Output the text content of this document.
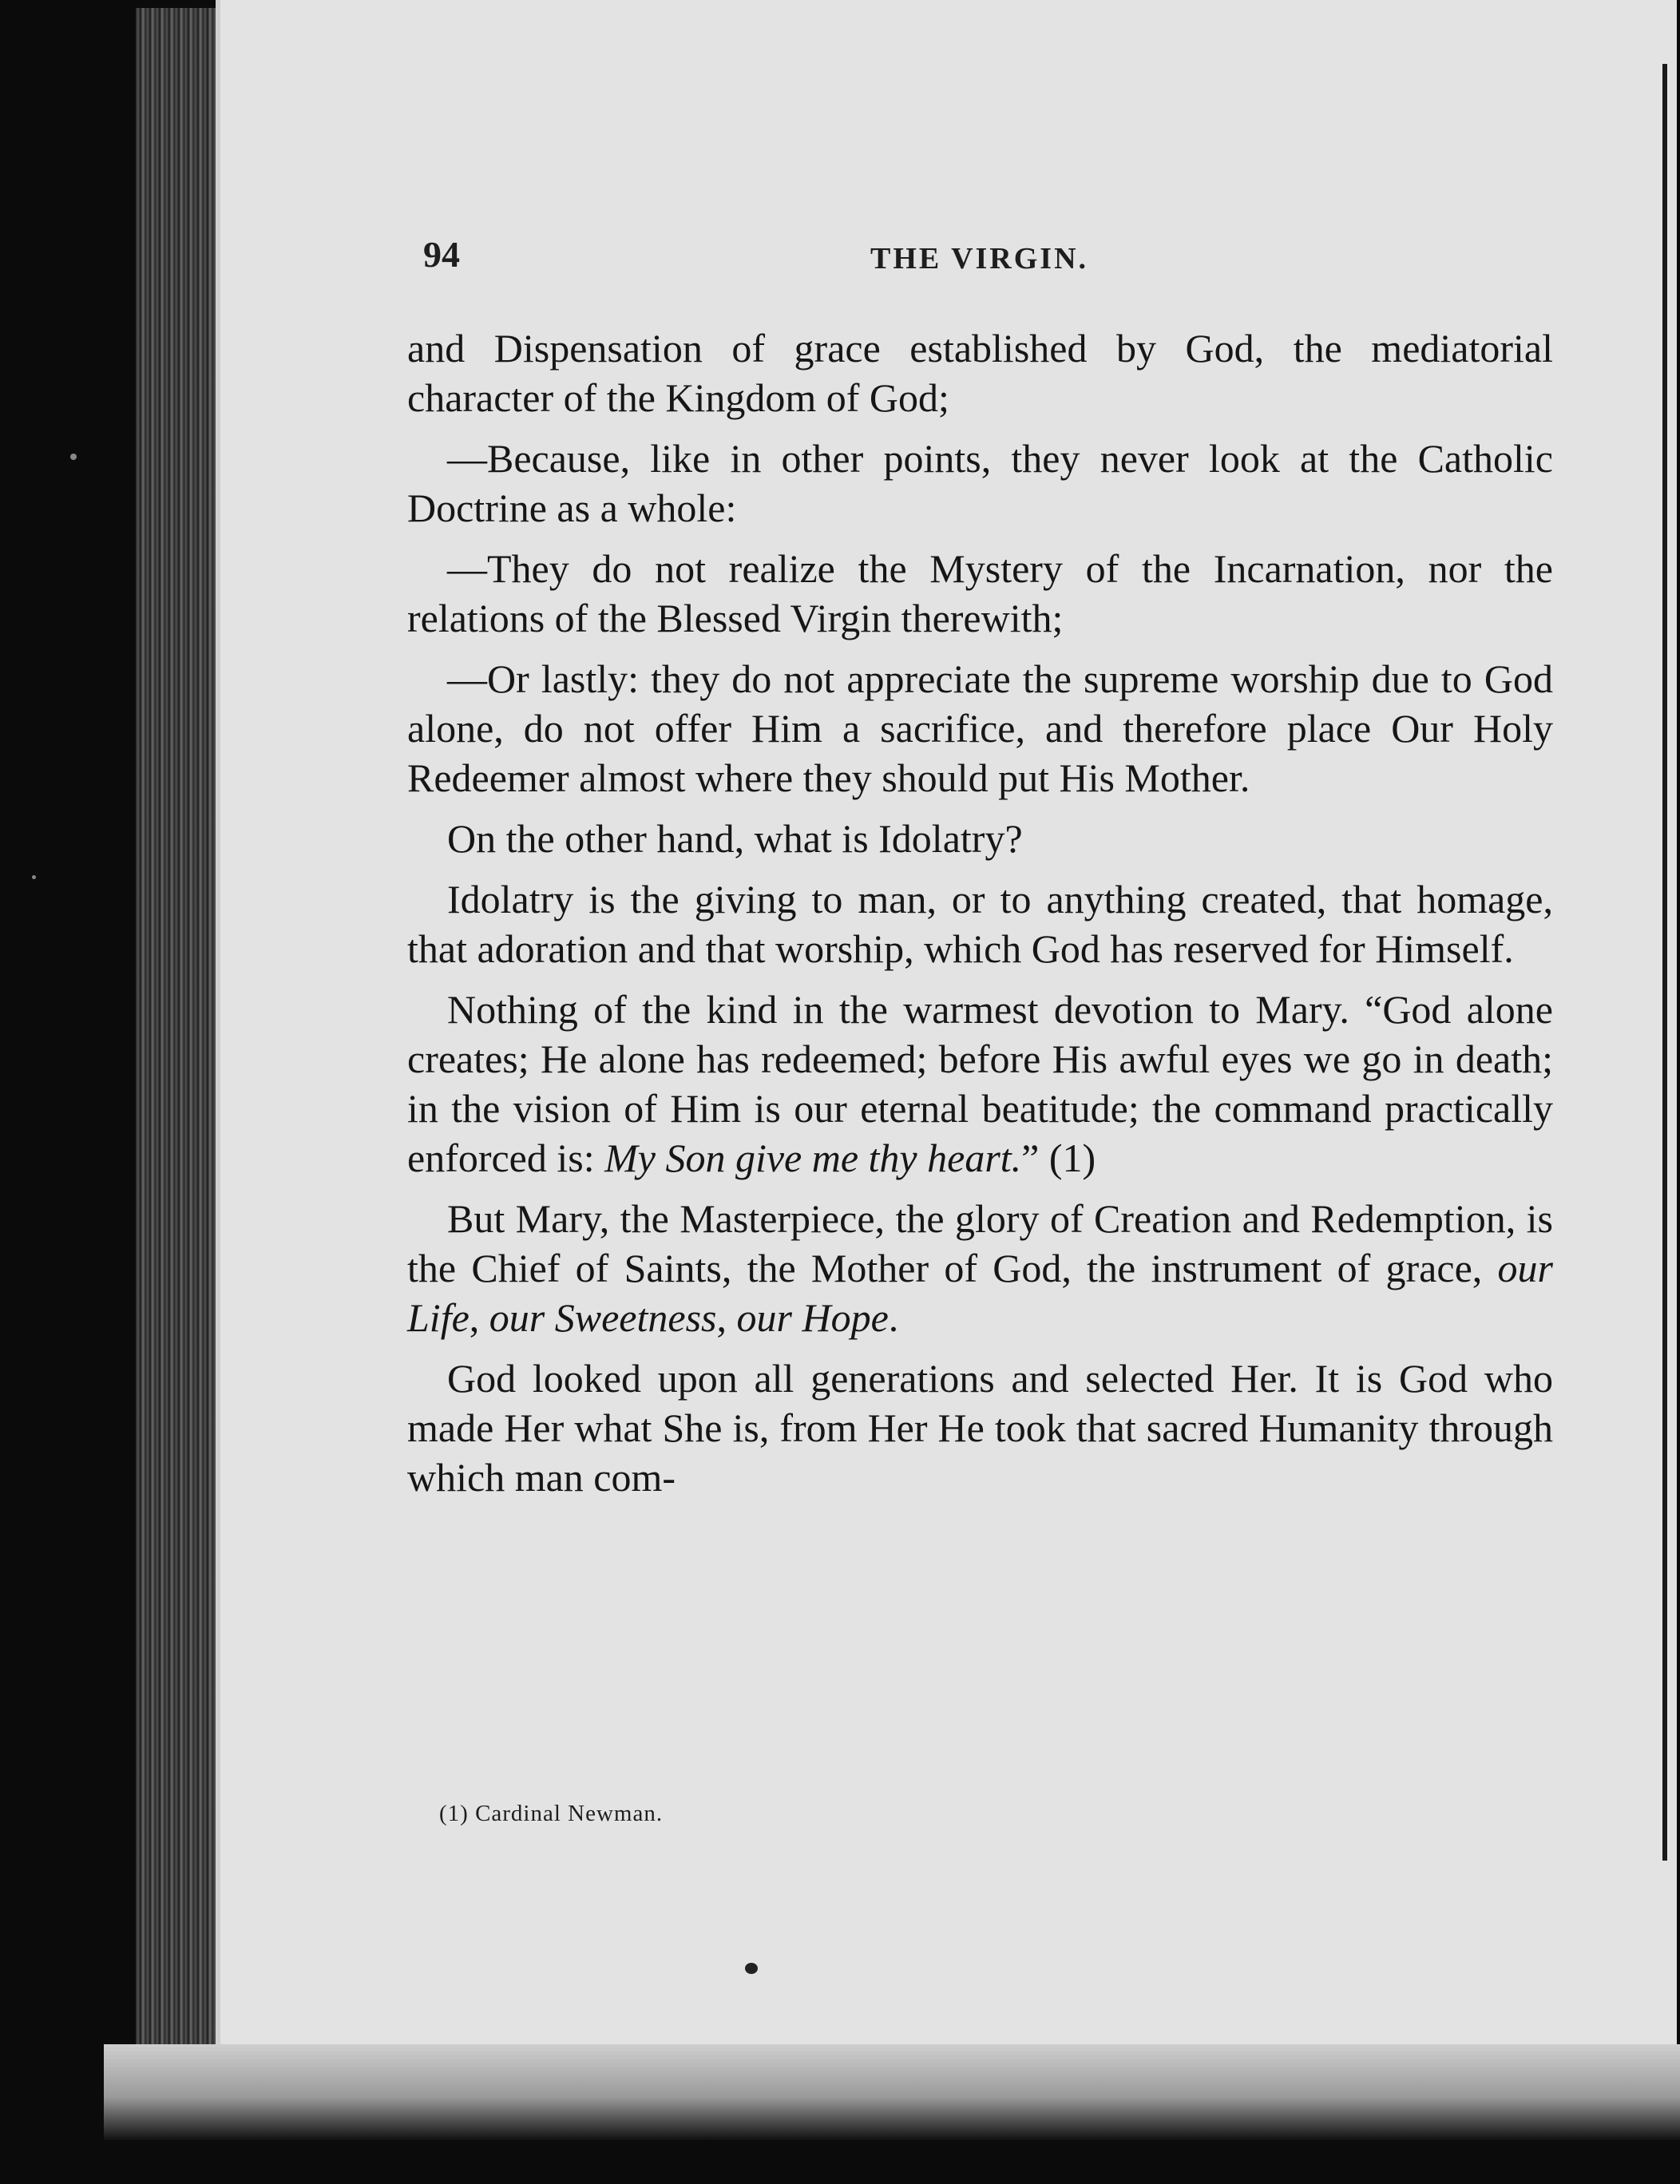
94	THE VIRGIN.

and Dispensation of grace established by God, the mediatorial character of the Kingdom of God;

—Because, like in other points, they never look at the Catholic Doctrine as a whole:

—They do not realize the Mystery of the Incarnation, nor the relations of the Blessed Virgin therewith;

—Or lastly: they do not appreciate the supreme worship due to God alone, do not offer Him a sacrifice, and therefore place Our Holy Redeemer almost where they should put His Mother.

On the other hand, what is Idolatry?

Idolatry is the giving to man, or to anything created, that homage, that adoration and that worship, which God has reserved for Himself.

Nothing of the kind in the warmest devotion to Mary. “God alone creates; He alone has redeemed; before His awful eyes we go in death; in the vision of Him is our eternal beatitude; the command practically enforced is: My Son give me thy heart.” (1)

But Mary, the Masterpiece, the glory of Creation and Redemption, is the Chief of Saints, the Mother of God, the instrument of grace, our Life, our Sweetness, our Hope.

God looked upon all generations and selected Her. It is God who made Her what She is, from Her He took that sacred Humanity through which man com-

(1) Cardinal Newman.
